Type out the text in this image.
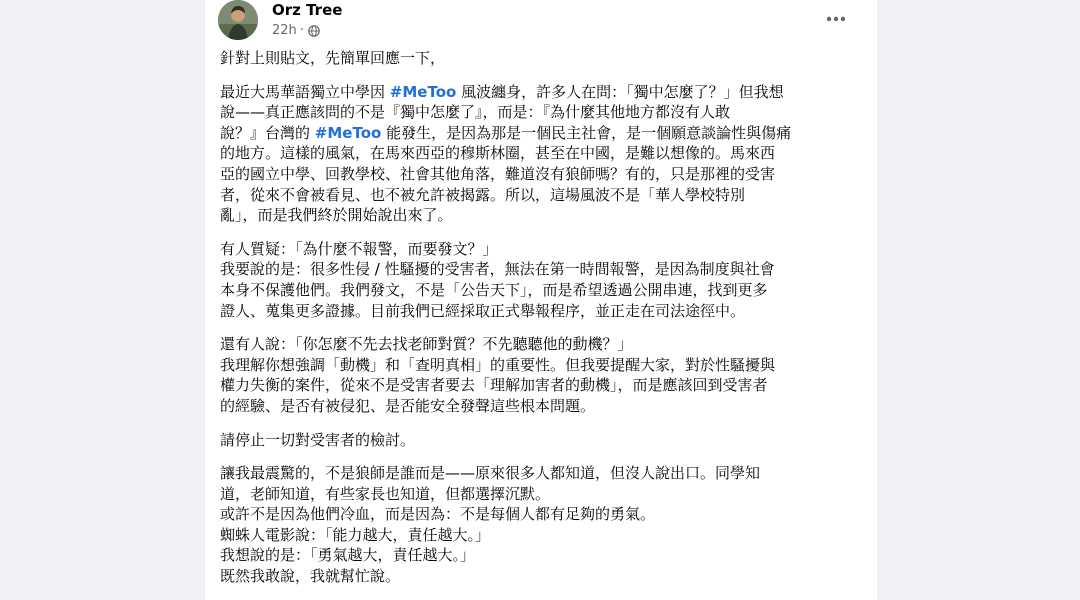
Orz Tree
22h ·
針對上則貼文，先簡單回應一下，
最近大馬華語獨立中學因 #MeToo 風波纏身，許多人在問：「獨中怎麼了？」但我想
說——真正應該問的不是『獨中怎麼了』，而是：『為什麼其他地方都沒有人敢
說？』台灣的 #MeToo 能發生，是因為那是一個民主社會，是一個願意談論性與傷痛
的地方。這樣的風氣，在馬來西亞的穆斯林圈，甚至在中國，是難以想像的。馬來西
亞的國立中學、回教學校、社會其他角落，難道沒有狼師嗎？有的，只是那裡的受害
者，從來不會被看見、也不被允許被揭露。所以，這場風波不是「華人學校特別
亂」，而是我們終於開始說出來了。
有人質疑：「為什麼不報警，而要發文？」
我要說的是：很多性侵 / 性騷擾的受害者，無法在第一時間報警，是因為制度與社會
本身不保護他們。我們發文，不是「公告天下」，而是希望透過公開串連，找到更多
證人、蒐集更多證據。目前我們已經採取正式舉報程序，並正走在司法途徑中。
還有人說：「你怎麼不先去找老師對質？不先聽聽他的動機？」
我理解你想強調「動機」和「查明真相」的重要性。但我要提醒大家，對於性騷擾與
權力失衡的案件，從來不是受害者要去「理解加害者的動機」，而是應該回到受害者
的經驗、是否有被侵犯、是否能安全發聲這些根本問題。
請停止一切對受害者的檢討。
讓我最震驚的，不是狼師是誰而是——原來很多人都知道，但沒人說出口。同學知
道，老師知道，有些家長也知道，但都選擇沉默。
或許不是因為他們冷血，而是因為：不是每個人都有足夠的勇氣。
蜘蛛人電影說：「能力越大，責任越大。」
我想說的是：「勇氣越大，責任越大。」
既然我敢說，我就幫忙說。
